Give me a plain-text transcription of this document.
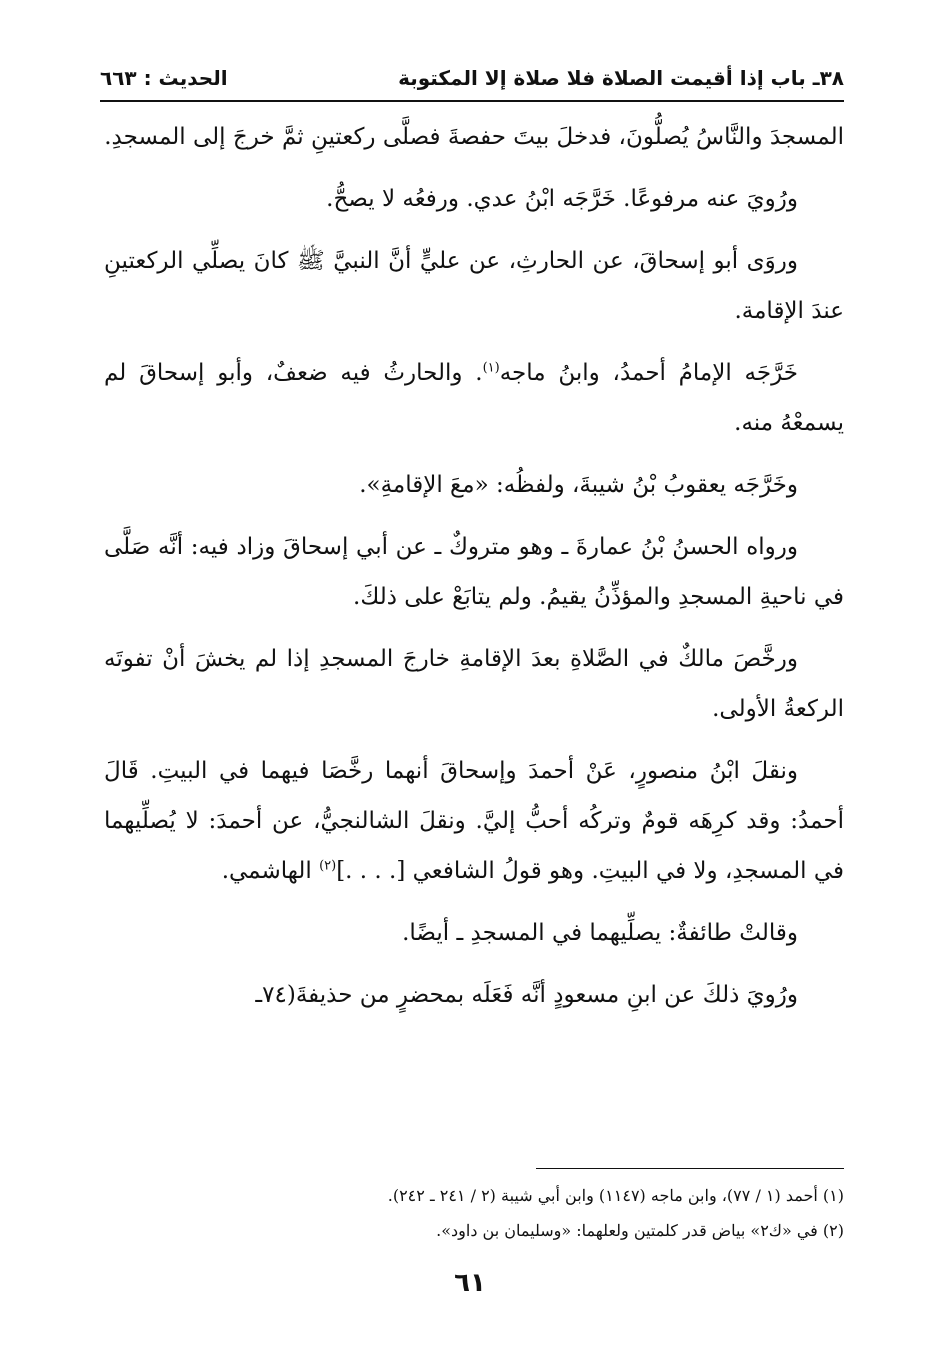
٣٨ـ باب إذا أقيمت الصلاة فلا صلاة إلا المكتوبة
الحديث : ٦٦٣

المسجدَ والنَّاسُ يُصلُّونَ، فدخلَ بيتَ حفصةَ فصلَّى ركعتينِ ثمَّ خرجَ إلى المسجدِ.

ورُويَ عنه مرفوعًا. خَرَّجَه ابْنُ عدي. ورفعُه لا يصحُّ.

وروَى أبو إسحاقَ، عن الحارثِ، عن عليٍّ أنَّ النبيَّ ﷺ كانَ يصلِّي الركعتينِ عندَ الإقامة.

خَرَّجَه الإمامُ أحمدُ، وابنُ ماجه$^{(١)}$. والحارثُ فيه ضعفٌ، وأبو إسحاقَ لم يسمعْهُ منه.

وخَرَّجَه يعقوبُ بْنُ شيبةَ، ولفظُه: «معَ الإقامةِ».

ورواه الحسنُ بْنُ عمارةَ ـ وهو متروكٌ ـ عن أبي إسحاقَ وزاد فيه: أنَّه صَلَّى في ناحيةِ المسجدِ والمؤذِّنُ يقيمُ. ولم يتابَعْ على ذلكَ.

ورخَّصَ مالكٌ في الصَّلاةِ بعدَ الإقامةِ خارجَ المسجدِ إذا لم يخشَ أنْ تفوتَه الركعةُ الأولى.

ونقلَ ابْنُ منصورٍ، عَنْ أحمدَ وإسحاقَ أنهما رخَّصَا فيهما في البيتِ. قَالَ أحمدُ: وقد كرِهَه قومٌ وتركُه أحبُّ إليَّ. ونقلَ الشالنجيُّ، عن أحمدَ: لا يُصلِّيهما في المسجدِ، ولا في البيتِ. وهو قولُ الشافعي [. . . .]$^{(٢)}$ الهاشمي.

وقالتْ طائفةٌ: يصلِّيهما في المسجدِ ـ أيضًا.

ورُويَ ذلكَ عن ابنِ مسعودٍ أنَّه فَعَلَه بمحضرٍ من حذيفةَ(٧٤ـ

(١) أحمد (١ / ٧٧)، وابن ماجه (١١٤٧) وابن أبي شيبة (٢ / ٢٤١ ـ ٢٤٢).

(٢) في «ك٢» بياض قدر كلمتين ولعلهما: «وسليمان بن داود».

٦١
